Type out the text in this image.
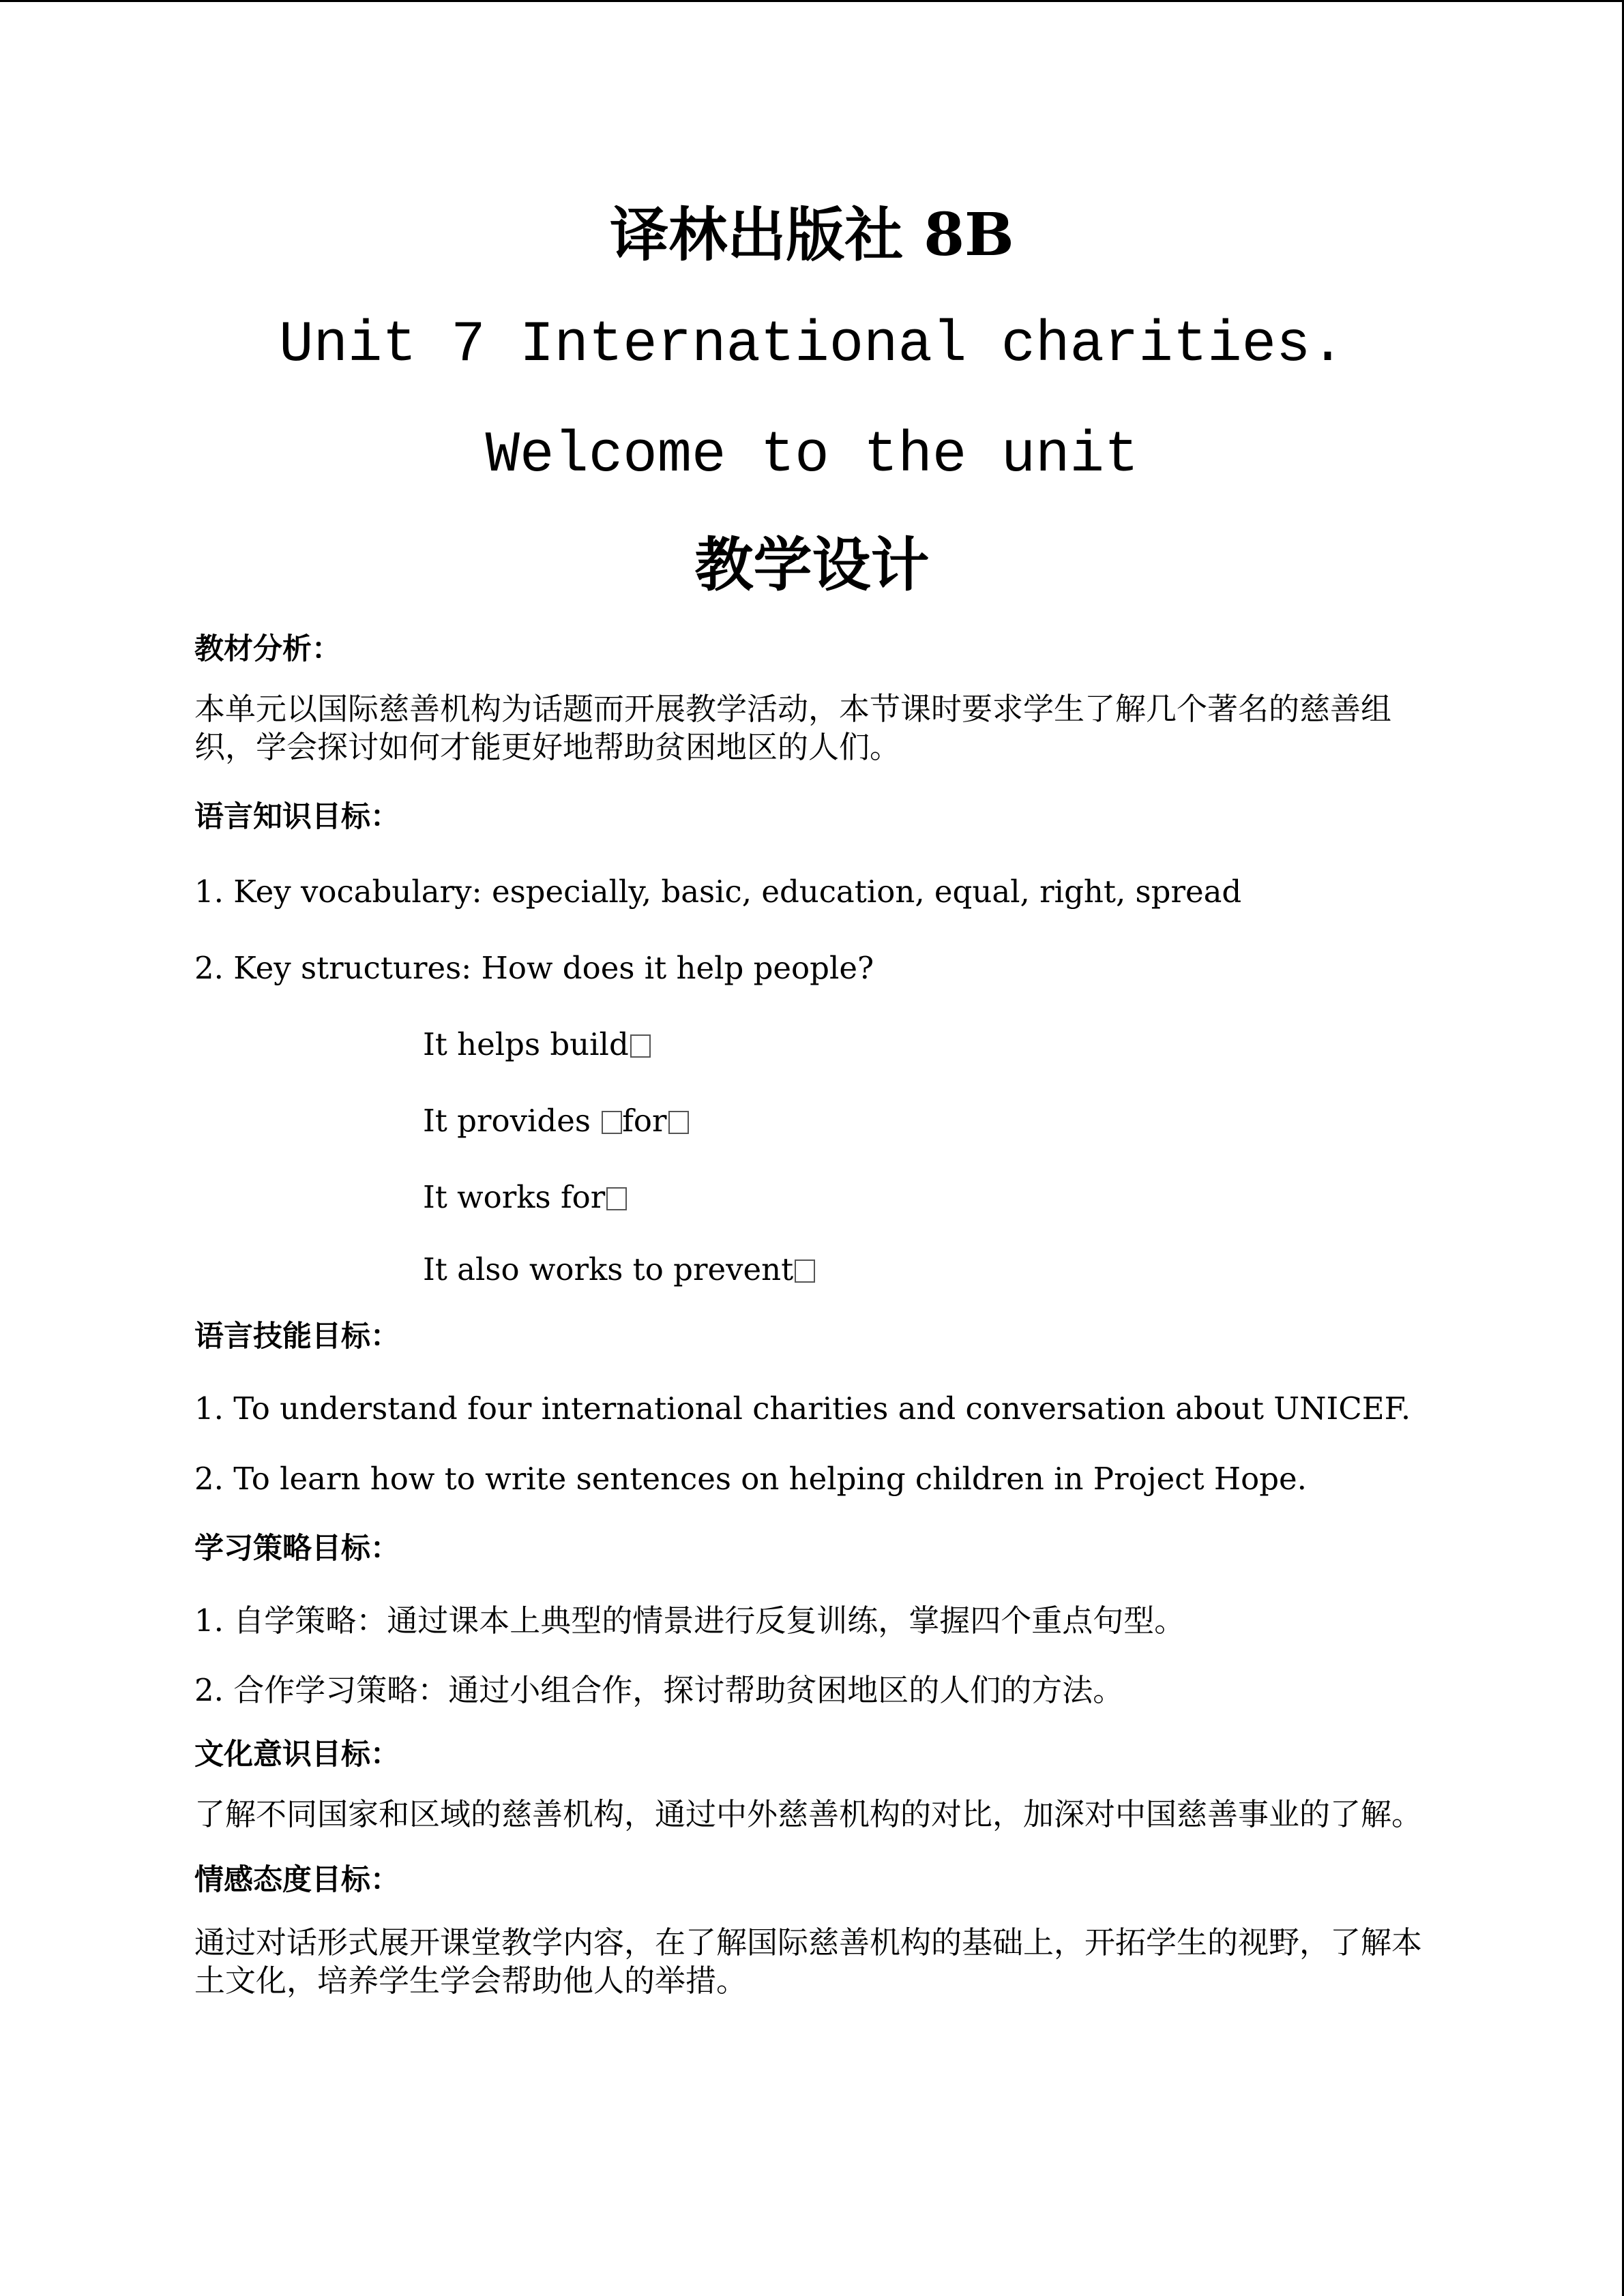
译林出版社 8B

Unit 7 International charities.

Welcome to the unit

教学设计

教材分析：

本单元以国际慈善机构为话题而开展教学活动，本节课时要求学生了解几个著名的慈善组织，学会探讨如何才能更好地帮助贫困地区的人们。

语言知识目标：

1. Key vocabulary: especially, basic, education, equal, right, spread

2. Key structures: How does it help people?

It helps build

It provides for

It works for

It also works to prevent

语言技能目标：

1. To understand four international charities and conversation about UNICEF.

2. To learn how to write sentences on helping children in Project Hope.

学习策略目标：

1. 自学策略：通过课本上典型的情景进行反复训练，掌握四个重点句型。

2. 合作学习策略：通过小组合作，探讨帮助贫困地区的人们的方法。

文化意识目标：

了解不同国家和区域的慈善机构，通过中外慈善机构的对比，加深对中国慈善事业的了解。

情感态度目标：

通过对话形式展开课堂教学内容，在了解国际慈善机构的基础上，开拓学生的视野，了解本土文化，培养学生学会帮助他人的举措。
